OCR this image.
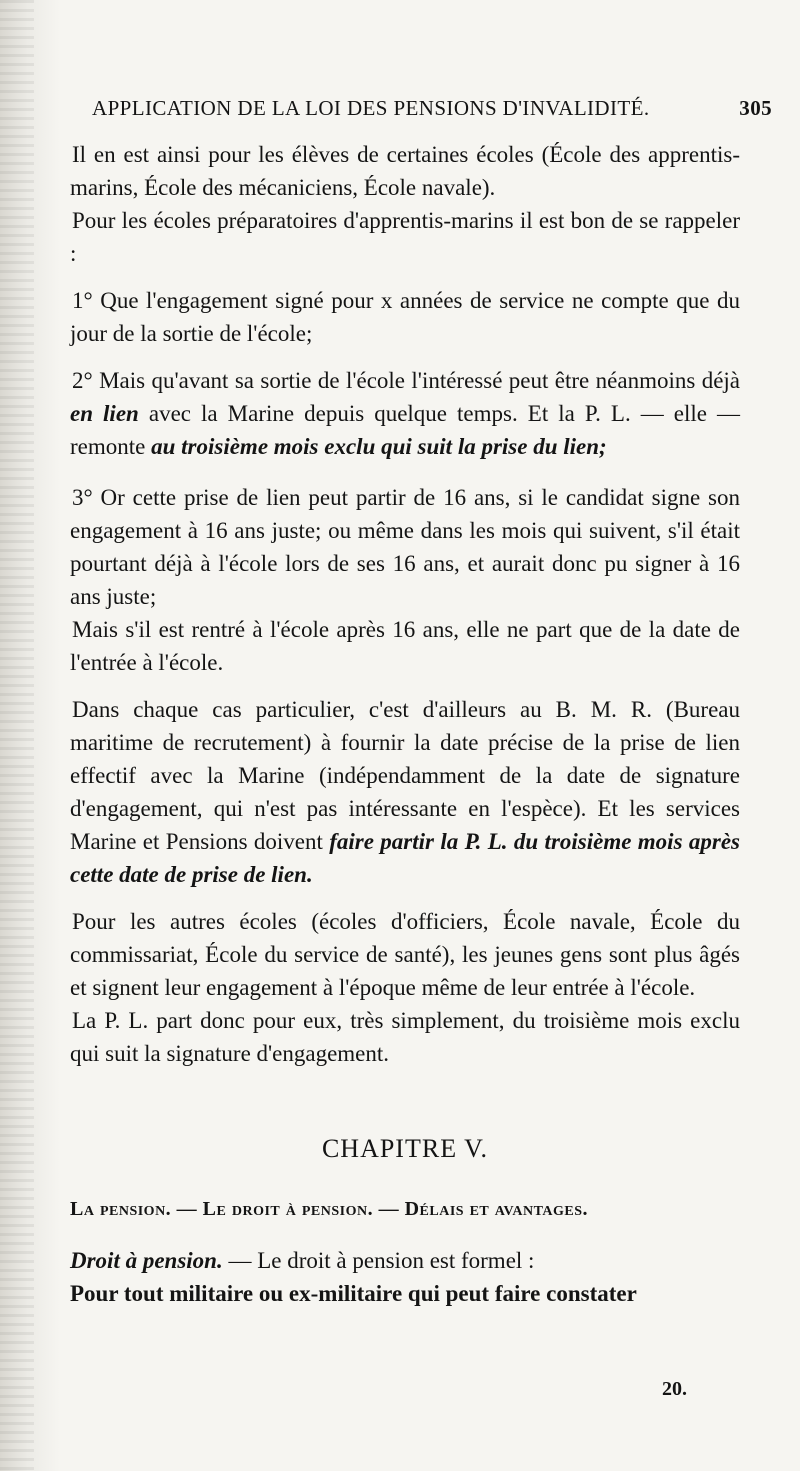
APPLICATION DE LA LOI DES PENSIONS D'INVALIDITÉ.	305

Il en est ainsi pour les élèves de certaines écoles (École des apprentis-marins, École des mécaniciens, École navale).

Pour les écoles préparatoires d'apprentis-marins il est bon de se rappeler :

1° Que l'engagement signé pour x années de service ne compte que du jour de la sortie de l'école;

2° Mais qu'avant sa sortie de l'école l'intéressé peut être néanmoins déjà en lien avec la Marine depuis quelque temps. Et la P. L. — elle — remonte au troisième mois exclu qui suit la prise du lien;

3° Or cette prise de lien peut partir de 16 ans, si le candidat signe son engagement à 16 ans juste; ou même dans les mois qui suivent, s'il était pourtant déjà à l'école lors de ses 16 ans, et aurait donc pu signer à 16 ans juste;

Mais s'il est rentré à l'école après 16 ans, elle ne part que de la date de l'entrée à l'école.

Dans chaque cas particulier, c'est d'ailleurs au B. M. R. (Bureau maritime de recrutement) à fournir la date précise de la prise de lien effectif avec la Marine (indépendamment de la date de signature d'engagement, qui n'est pas intéressante en l'espèce). Et les services Marine et Pensions doivent faire partir la P. L. du troisième mois après cette date de prise de lien.

Pour les autres écoles (écoles d'officiers, École navale, École du commissariat, École du service de santé), les jeunes gens sont plus âgés et signent leur engagement à l'époque même de leur entrée à l'école.

La P. L. part donc pour eux, très simplement, du troisième mois exclu qui suit la signature d'engagement.

CHAPITRE V.

La pension. — Le droit à pension. — Délais et avantages.

Droit à pension. — Le droit à pension est formel :

Pour tout militaire ou ex-militaire qui peut faire constater

20.
